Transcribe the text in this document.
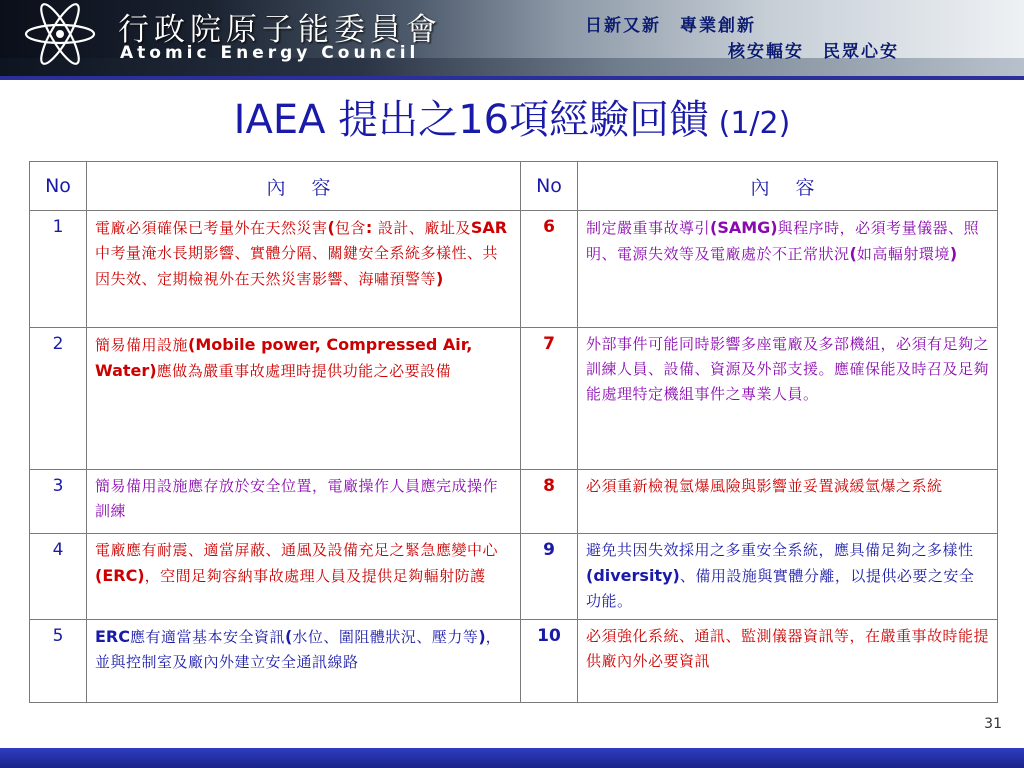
行政院原子能委員會
Atomic Energy Council
日新又新　專業創新
核安輻安　民眾心安
IAEA 提出之16項經驗回饋 (1/2)
No	內 容	No	內 容
1	電廠必須確保已考量外在天然災害(包含: 設計、廠址及SAR中考量淹水長期影響、實體分隔、關鍵安全系統多樣性、共因失效、定期檢視外在天然災害影響、海嘯預警等)	6	制定嚴重事故導引(SAMG)與程序時，必須考量儀器、照明、電源失效等及電廠處於不正常狀況(如高輻射環境)
2	簡易備用設施(Mobile power, Compressed Air, Water)應做為嚴重事故處理時提供功能之必要設備	7	外部事件可能同時影響多座電廠及多部機組，必須有足夠之訓練人員、設備、資源及外部支援。應確保能及時召及足夠能處理特定機組事件之專業人員。
3	簡易備用設施應存放於安全位置，電廠操作人員應完成操作訓練	8	必須重新檢視氫爆風險與影響並妥置減緩氫爆之系統
4	電廠應有耐震、適當屏蔽、通風及設備充足之緊急應變中心(ERC)，空間足夠容納事故處理人員及提供足夠輻射防護	9	避免共因失效採用之多重安全系統，應具備足夠之多樣性(diversity)、備用設施與實體分離，以提供必要之安全功能。
5	ERC應有適當基本安全資訊(水位、圍阻體狀況、壓力等)，並與控制室及廠內外建立安全通訊線路	10	必須強化系統、通訊、監測儀器資訊等，在嚴重事故時能提供廠內外必要資訊
31
